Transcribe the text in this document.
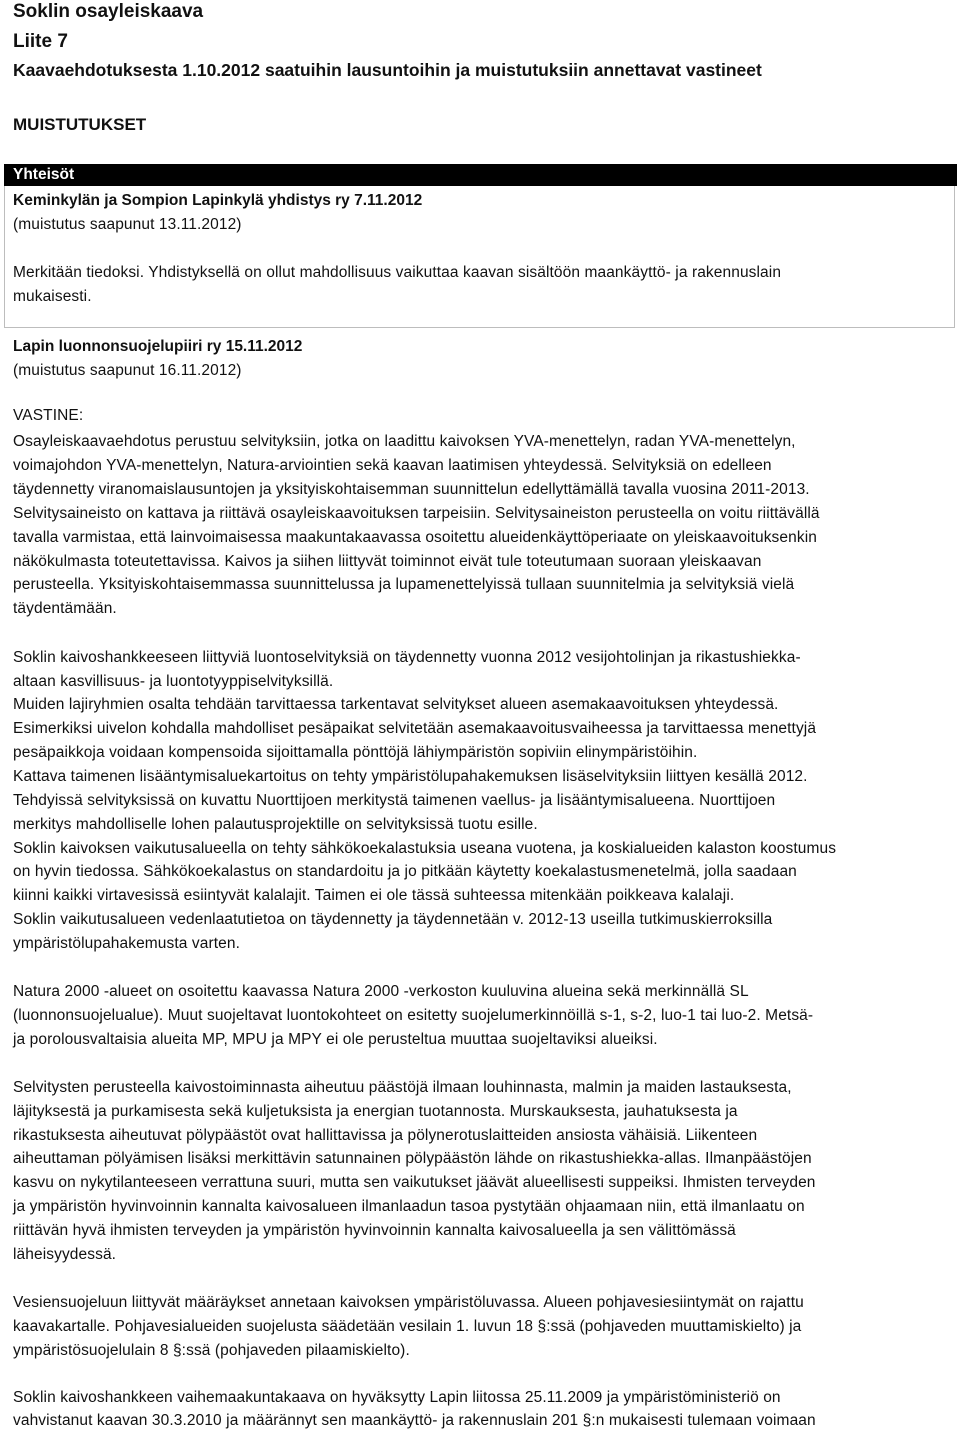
Soklin osayleiskaava
Liite 7
Kaavaehdotuksesta 1.10.2012 saatuihin lausuntoihin ja muistutuksiin annettavat vastineet
MUISTUTUKSET
Yhteisöt
Keminkylän ja Sompion Lapinkylä yhdistys ry 7.11.2012
(muistutus saapunut 13.11.2012)
Merkitään tiedoksi. Yhdistyksellä on ollut mahdollisuus vaikuttaa kaavan sisältöön maankäyttö- ja rakennuslain
mukaisesti.
Lapin luonnonsuojelupiiri ry 15.11.2012
(muistutus saapunut 16.11.2012)
VASTINE:
Osayleiskaavaehdotus perustuu selvityksiin, jotka on laadittu kaivoksen YVA-menettelyn, radan YVA-menettelyn,
voimajohdon YVA-menettelyn, Natura-arviointien sekä kaavan laatimisen yhteydessä. Selvityksiä on edelleen
täydennetty viranomaislausuntojen ja yksityiskohtaisemman suunnittelun edellyttämällä tavalla vuosina 2011-2013.
Selvitysaineisto on kattava ja riittävä osayleiskaavoituksen tarpeisiin. Selvitysaineiston perusteella on voitu riittävällä
tavalla varmistaa, että lainvoimaisessa maakuntakaavassa osoitettu alueidenkäyttöperiaate on yleiskaavoituksenkin
näkökulmasta toteutettavissa. Kaivos ja siihen liittyvät toiminnot eivät tule toteutumaan suoraan yleiskaavan
perusteella. Yksityiskohtaisemmassa suunnittelussa ja lupamenettelyissä tullaan suunnitelmia ja selvityksiä vielä
täydentämään.
Soklin kaivoshankkeeseen liittyviä luontoselvityksiä on täydennetty vuonna 2012 vesijohtolinjan ja rikastushiekka-
altaan kasvillisuus- ja luontotyyppiselvityksillä.
Muiden lajiryhmien osalta tehdään tarvittaessa tarkentavat selvitykset alueen asemakaavoituksen yhteydessä.
Esimerkiksi uivelon kohdalla mahdolliset pesäpaikat selvitetään asemakaavoitusvaiheessa ja tarvittaessa menettyjä
pesäpaikkoja voidaan kompensoida sijoittamalla pönttöjä lähiympäristön sopiviin elinympäristöihin.
Kattava taimenen lisääntymisaluekartoitus on tehty ympäristölupahakemuksen lisäselvityksiin liittyen kesällä 2012.
Tehdyissä selvityksissä on kuvattu Nuorttijoen merkitystä taimenen vaellus- ja lisääntymisalueena. Nuorttijoen
merkitys mahdolliselle lohen palautusprojektille on selvityksissä tuotu esille.
Soklin kaivoksen vaikutusalueella on tehty sähkökoekalastuksia useana vuotena, ja koskialueiden kalaston koostumus
on hyvin tiedossa. Sähkökoekalastus on standardoitu ja jo pitkään käytetty koekalastusmenetelmä, jolla saadaan
kiinni kaikki virtavesissä esiintyvät kalalajit. Taimen ei ole tässä suhteessa mitenkään poikkeava kalalaji.
Soklin vaikutusalueen vedenlaatutietoa on täydennetty ja täydennetään v. 2012-13 useilla tutkimuskierroksilla
ympäristölupahakemusta varten.
Natura 2000 -alueet on osoitettu kaavassa Natura 2000 -verkoston kuuluvina alueina sekä merkinnällä SL
(luonnonsuojelualue). Muut suojeltavat luontokohteet on esitetty suojelumerkinnöillä s-1, s-2, luo-1 tai luo-2. Metsä-
ja porolousvaltaisia alueita MP, MPU ja MPY ei ole perusteltua muuttaa suojeltaviksi alueiksi.
Selvitysten perusteella kaivostoiminnasta aiheutuu päästöjä ilmaan louhinnasta, malmin ja maiden lastauksesta,
läjityksestä ja purkamisesta sekä kuljetuksista ja energian tuotannosta. Murskauksesta, jauhatuksesta ja
rikastuksesta aiheutuvat pölypäästöt ovat hallittavissa ja pölynerotuslaitteiden ansiosta vähäisiä. Liikenteen
aiheuttaman pölyämisen lisäksi merkittävin satunnainen pölypäästön lähde on rikastushiekka-allas. Ilmanpäästöjen
kasvu on nykytilanteeseen verrattuna suuri, mutta sen vaikutukset jäävät alueellisesti suppeiksi. Ihmisten terveyden
ja ympäristön hyvinvoinnin kannalta kaivosalueen ilmanlaadun tasoa pystytään ohjaamaan niin, että ilmanlaatu on
riittävän hyvä ihmisten terveyden ja ympäristön hyvinvoinnin kannalta kaivosalueella ja sen välittömässä
läheisyydessä.
Vesiensuojeluun liittyvät määräykset annetaan kaivoksen ympäristöluvassa. Alueen pohjavesiesiintymät on rajattu
kaavakartalle. Pohjavesialueiden suojelusta säädetään vesilain 1. luvun 18 §:ssä (pohjaveden muuttamiskielto) ja
ympäristösuojelulain 8 §:ssä (pohjaveden pilaamiskielto).
Soklin kaivoshankkeen vaihemaakuntakaava on hyväksytty Lapin liitossa 25.11.2009 ja ympäristöministeriö on
vahvistanut kaavan 30.3.2010 ja määrännyt sen maankäyttö- ja rakennuslain 201 §:n mukaisesti tulemaan voimaan
